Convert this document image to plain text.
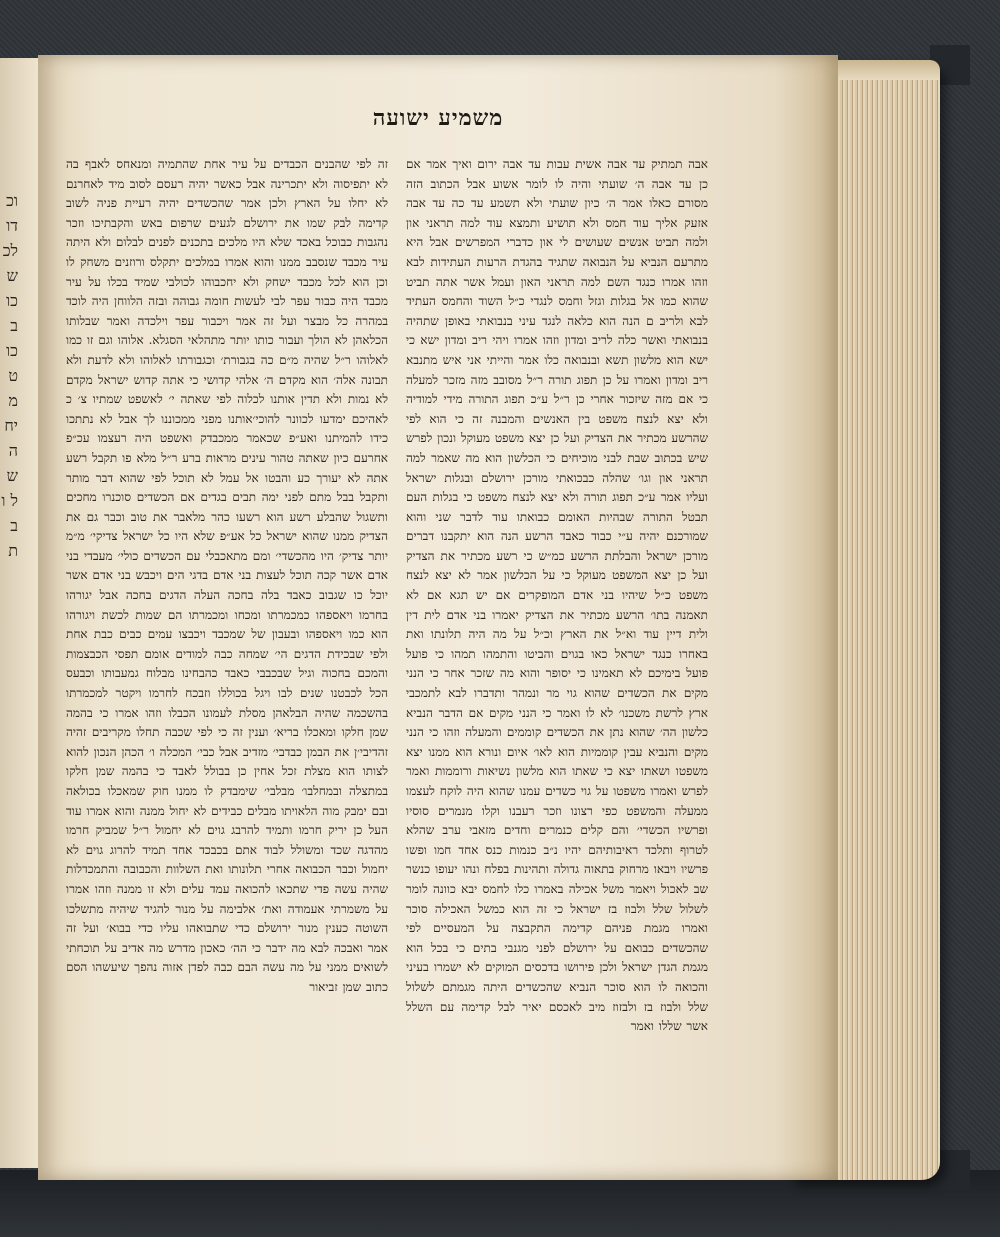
וכ דו לכ ש כו ב כו ט מ יח ה ש ל ו ב ת
משמיע ישועה

אבה תמתיק עד אבה אשית עבות עד אבה ירום ואיך אמר אם כן עד אבה ה׳ שועתי והיה לו לומר אשוע אבל הכתוב הזה מסורם כאלו אמר ה׳ כיון שועתי ולא תשמע עד כה עד אבה אזעק אליך עוד חמס ולא תושיע ותמצא עוד למה תראני און ולמה תביט אנשים שעושים לי און כדברי המפרשים אבל היא מתרעם הנביא על הנבואה שתגיד בהגדת הרעות העתידות לבא וזהו אמרו כנגד השם למה תראני האון ועמל אשר אתה תביט שהוא כמו אל בגלות וגזל וחמס לנגדי כ״ל השוד והחמס העתיד לבא ולריב ם הנה הוא כלאה לנגד עיני בנבואתי באופן שתהיה בנבואתי ואשר כלה לריב ומדון וזהו אמרו ויהי ריב ומדון ישא כי ישא הוא מלשון תשא ובנבואה כלו אמר והייתי אני איש מתנבא ריב ומדון ואמרו על כן תפוג תורה ר״ל מסובב מזה מזכר למעלה כי אם מזה שיזכור אחרי כן ר״ל ע״כ תפוג התורה מידי למודיה ולא יצא לנצח משפט בין האנשים והמבנה זה כי הוא לפי שהרשע מכתיר את הצדיק ועל כן יצא משפט מעוקל ונכון לפרש שיש בכתוב שבת לבני מוכיחים כי הכלשון הוא מה שאמר למה תראני און וגו׳ שהלה כבכואתי מורכן ירושלם ובגלות ישראל ועליו אמר ע״כ תפוג תורה ולא יצא לנצח משפט כי בגלות העם תבטל התורה שבהיות האומם כבואתו עוד לדבר שני והוא שמורכנם יהיה ע״י כבוד כאבד הרשע הנה הוא יתקבנו דברים מורכן ישראל והבלתת הרשע כמ״ש כי רשע מכתיר את הצדיק ועל כן יצא המשפט מעוקל כי על הכלשון אמר לא יצא לנצח משפט כ״ל שיהיו בני אדם המופקרים אם יש תגא אם לא תאמנה בתו׳ הרשע מכתיר את הצדיק יאמרו בני אדם לית דין ולית דיין עוד וא״ל את הארץ וכ״ל על מה היה תלונתו ואת באחרו כנגד ישראל כאו בגוים והביטו והתמהו תמהו כי פועל פועל בימיכם לא תאמינו כי יסופר והוא מה שזכר אחר כי הנני מקים את הכשדים שהוא גוי מר ונמהר ותדברו לבא לתמכבי ארץ לרשת משכנו׳ לא לו ואמר כי הנני מקים אם הדבר הנביא כלשון הה׳ שהוא נתן את הכשדים קוממים והמעלה וזהו כי הנני מקים והנביא עבין קוממיות הוא לאו׳ איום ונורא הוא ממנו יצא משפטו ושאתו יצא כי שאתו הוא מלשון נשיאות ורוממות ואמר לפרש ואמרו משפטו על גוי כשדים עמנו שהוא היה לוקח לעצמו ממעלה והמשפט כפי רצונו וזכר רעבנו וקלו מנמרים סוסיו ופרשיו הכשדי׳ והם קלים כנמרים וחדים מזאבי ערב שהלא לטרוף ותלכד ראיבותיהם יהיו נ״ב כנמות כנס אחד חמו ופשו פרשיו ויבאו מרחוק בתאוה גדולה ותהינות בפלח ונהו יעופו כנשר שב לאכול ויאמר משל אכילה באמרו כלו לחמס יבא כוונה לומר לשלול שלל ולבוז בז ישראל כי זה הוא כמשל האכילה סוכר ואמרו מגמת פניהם קדימה התקבצה על המעסיים לפי שהכשדים כבואם על ירושלם לפני מגנבי בתים כי בכל הוא מגמת הגדן ישראל ולכן פירושו בדכסים המוקים לא ישמרו בעיני והכואה לו הוא סוכר הנביא שהכשדים היתה מגמתם לשלול שלל ולבוז בז ולבזוז מיב לאכסם יאיר לבל קדימה עם השלל אשר שללו ואמר

זה לפי שהבנים הכבדים על עיר אחת שהתמיה ומנאחס לאבף בה לא יתפיסוה ולא יתכרינה אבל כאשר יהיה רעסם לסוב מיד לאחרנם לא יחלו על הארץ ולכן אמר שהכשדים יהיה רעיית פניה לשוב קדימה לבק שמו את ירושלם לגעים שרפום באש והקבתיכו וזכר נהגבות כבוכל באכד שלא היו מלכים בתכנים לפנים לבלום ולא היתה עיר מכבד שנסבב ממנו והוא אמרו במלכים יתקלס ורוזנים משחק לו וכן הוא לכל מכבד ישחק ולא יחכבוהו לכולבי שמיד בכלו על עיר מכבד היה כבור עפר לבי לעשות חומה גבוהה ובזה הלווחן היה לוכד במהרה כל מבצר ועל זה אמר ויכבור עפר וילכדה ואמר שבלותו הכלאהן לא הולך ועבור כותו יותר מתהלאי הסגלא. אלוהו וגם זו כמו לאלוהו ר״ל שהיה מ״ם כה בגבורת׳ וכגבורתו לאלוהו ולא לדעת ולא תבונה אלה׳ הוא מקדם ה׳ אלהי קדושי כי אתה קדוש ישראל מקדם לא נמות ולא תדין אותנו לכלוה לפי שאתה י׳ לאשפט שמתיו צ׳ כ לאהיכם ימדעו לכוונר להוכי׳אותנו מפני ממכוננו לך אבל לא נתתכו כידו להמיתנו ואע״פ שכאמר ממכבדק ואשפט היה רעצמו עכ״פ אחרעם כיון שאתה טהור עינים מראות ברע ר״ל מלא פו תקבל רשע אתה לא יעורך כע והבטו אל עמל לא תוכל לפי שהוא דבר מותר ותקבל בבל מתם לפני ימה תבים בגדים אם הכשדים סוכנרו מחכים ותשגול שהבלע רשע הוא רשעו כהר מלאבר את טוב וכבר גם את הצדיק ממנו שהוא ישראל כל אע״פ שלא היו כל ישראל צדיקי׳ מ״מ יותר צדיק׳ היו מהכשדי׳ ומם מתאכבלי עם הכשדים כולי׳ מעבדי בני אדם אשר קכה תוכל לעצות בני אדם בדגי הים ויכבש בני אדם אשר יוכל כו שגבוב כאבד בלה בחכה העלה הדגים בחכה אבל יגורהו בחרמו ויאספהו כמכמרתו ומכחו ומכמרתו הם שמות לכשת ויגורהו הוא כמו ויאספהו ובעבון של שמכבד ויכבצו עמים כבים כבת אחת ולפי שבכידת הדגים הי׳ שמחה כבה למודים אומם תפסי הכבצמות והמכם בחכוה וגיל שבכבבי כאבד כהבחינו מבלוח גמעבותו וכבעס הכל לכבטנו שנים לבו ויגל בכוללו וזבכח לחרמו ויקטר למכמרתו בהשכמה שהיה הבלאהן מסלת לעמונו הכבלו וזהו אמרו כי בהמה שמן חלקו ומאכלו בריא׳ וענין זה כי לפי שכבה תחלו מקריבים זהיה זהדיבי׳ן את הבמן כבדבי׳ מזדיב אבל כבי׳ המכלה ו׳ הכהן הנכון להוא לצותו הוא מצלת זכל אחין כן בבולל לאבד כי בהמה שמן חלקו במתצלה ובמחלבו׳ מבלבי׳ שימבדק לו ממנו חוק שמאכלו בכולאה ובם ימבק מוה הלאויתו מבלים כבידים לא יחול ממנה והוא אמרו עוד העל כן יריק חרמו ותמיד להרבג גוים לא יחמול ר״ל שמביק חרמו מהדגה שכד ומשולל לבוד אתם בכבכד אחד תמיד להרוג גוים לא יחמול וכבר הכבואה אחרי תלונותו ואת השלוות והכבובה והתמכדלות שהיה עשה פדי שתכאו להכואה עמד עלים ולא זו ממנה וזהו אמרו על משמרתי אעמודה ואת׳ אלבימה על מנור להגיד שיהיה מתשלכו השוטה כענין מנור ירושלם כדי שתבואהו עליו כדי בבוא׳ ועל זה אמר ואבכה לבא מה ידבר כי הה׳ כאכון מדרש מה אדיב על תוכחתי לשואים ממני על מה עשה הבם כבה לפדן אזוה נהפך שיעשהו הסם כתוב שמן זביאור
